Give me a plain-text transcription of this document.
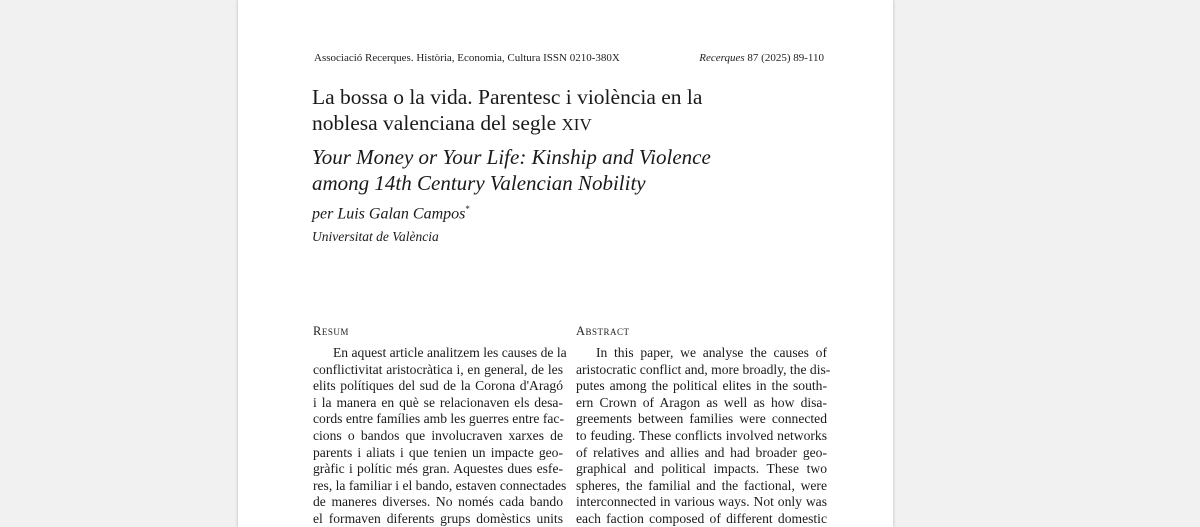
Associació Recerques. Història, Economia, Cultura ISSN 0210-380X	Recerques 87 (2025) 89-110
La bossa o la vida. Parentesc i violència en la
noblesa valenciana del segle XIV
Your Money or Your Life: Kinship and Violence
among 14th Century Valencian Nobility
per Luis Galan Campos*
Universitat de València
Resum	Abstract
En aquest article analitzem les causes de la
conflictivitat aristocràtica i, en general, de les
elits polítiques del sud de la Corona d'Aragó
i la manera en què se relacionaven els desa-
cords entre famílies amb les guerres entre fac-
cions o bandos que involucraven xarxes de
parents i aliats i que tenien un impacte geo-
gràfic i polític més gran. Aquestes dues esfe-
res, la familiar i el bando, estaven connectades
de maneres diverses. No només cada bando
el formaven diferents grups domèstics units
In this paper, we analyse the causes of
aristocratic conflict and, more broadly, the dis-
putes among the political elites in the south-
ern Crown of Aragon as well as how disa-
greements between families were connected
to feuding. These conflicts involved networks
of relatives and allies and had broader geo-
graphical and political impacts. These two
spheres, the familial and the factional, were
interconnected in various ways. Not only was
each faction composed of different domestic
